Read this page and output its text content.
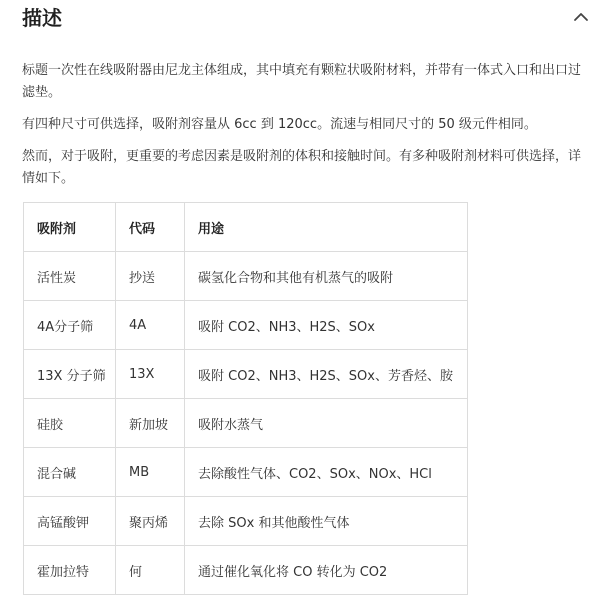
描述

标题一次性在线吸附器由尼龙主体组成，其中填充有颗粒状吸附材料，并带有一体式入口和出口过滤垫。

有四种尺寸可供选择，吸附剂容量从 6cc 到 120cc。流速与相同尺寸的 50 级元件相同。

然而，对于吸附，更重要的考虑因素是吸附剂的体积和接触时间。有多种吸附剂材料可供选择，详情如下。

吸附剂	代码	用途
活性炭	抄送	碳氢化合物和其他有机蒸气的吸附
4A分子筛	4A	吸附 CO2、NH3、H2S、SOx
13X 分子筛	13X	吸附 CO2、NH3、H2S、SOx、芳香烃、胺
硅胶	新加坡	吸附水蒸气
混合碱	MB	去除酸性气体、CO2、SOx、NOx、HCl
高锰酸钾	聚丙烯	去除 SOx 和其他酸性气体
霍加拉特	何	通过催化氧化将 CO 转化为 CO2
